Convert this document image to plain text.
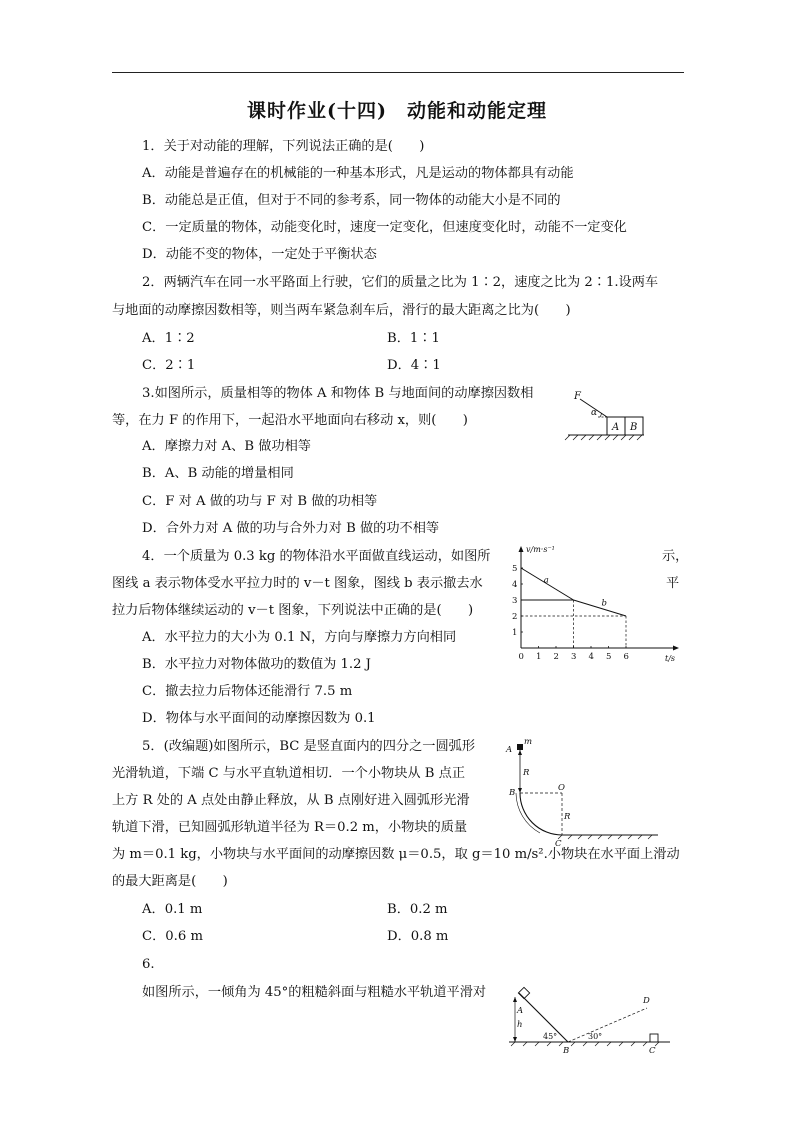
课时作业(十四)　动能和动能定理
1．关于对动能的理解，下列说法正确的是(　　)
A．动能是普遍存在的机械能的一种基本形式，凡是运动的物体都具有动能
B．动能总是正值，但对于不同的参考系，同一物体的动能大小是不同的
C．一定质量的物体，动能变化时，速度一定变化，但速度变化时，动能不一定变化
D．动能不变的物体，一定处于平衡状态
2．两辆汽车在同一水平路面上行驶，它们的质量之比为 1∶2，速度之比为 2∶1.设两车
与地面的动摩擦因数相等，则当两车紧急刹车后，滑行的最大距离之比为(　　)
A．1∶2	B．1∶1
C．2∶1	D．4∶1
3.如图所示，质量相等的物体 A 和物体 B 与地面间的动摩擦因数相
等，在力 F 的作用下，一起沿水平地面向右移动 x，则(　　)
A．摩擦力对 A、B 做功相等
B．A、B 动能的增量相同
C．F 对 A 做的功与 F 对 B 做的功相等
D．合外力对 A 做的功与合外力对 B 做的功不相等
F
α
A B
4．一个质量为 0.3 kg 的物体沿水平面做直线运动，如图所	示，
图线 a 表示物体受水平拉力时的 v－t 图象，图线 b 表示撤去水	平
拉力后物体继续运动的 v－t 图象，下列说法中正确的是(　　)
A．水平拉力的大小为 0.1 N，方向与摩擦力方向相同
B．水平拉力对物体做功的数值为 1.2 J
C．撤去拉力后物体还能滑行 7.5 m
D．物体与水平面间的动摩擦因数为 0.1
v/m·s⁻¹
t/s
0 1 2 3 4 5 6
1
2
3
4
5
a
b
5．(改编题)如图所示，BC 是竖直面内的四分之一圆弧形
光滑轨道，下端 C 与水平直轨道相切．一个小物块从 B 点正
上方 R 处的 A 点处由静止释放，从 B 点刚好进入圆弧形光滑
轨道下滑，已知圆弧形轨道半径为 R＝0.2 m，小物块的质量
为 m＝0.1 kg，小物块与水平面间的动摩擦因数 μ＝0.5，取 g＝10 m/s².小物块在水平面上滑动
的最大距离是(　　)
A．0.1 m	B．0.2 m
C．0.6 m	D．0.8 m
m
A
R
B
C
O
R
6.
如图所示，一倾角为 45°的粗糙斜面与粗糙水平轨道平滑对
A
h
45°
D
30°
B	C
